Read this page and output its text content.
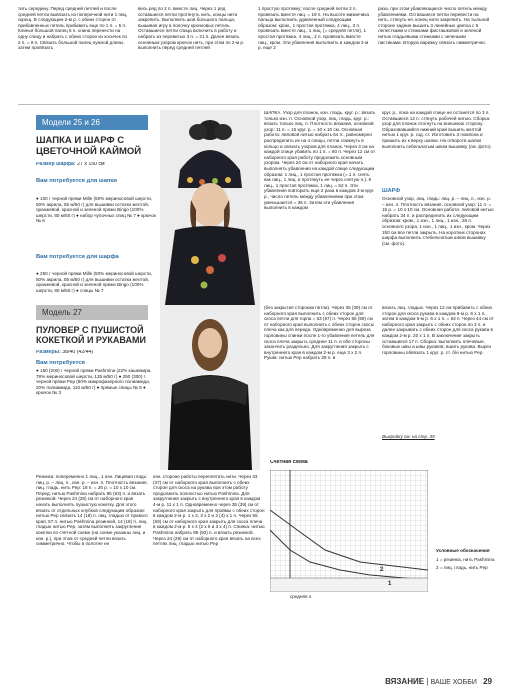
тить середину. Перед средней петлей и после средней петли вывязать из поперечной нити 1 пиц, скрещ. В следующем 2-м р. с обеих сторон от прибавленных петель прибавить еще по 1 п. = 5 п. Клинья большой палец 5 п. клина перенести на одну спицу и набрать с обеих сторон из косичек по 2 п. = 9 п. Связать большой палец нужной длины, затем провязать
весь ряд по 2 п. вместе лиц. Через 1 ряд оставшиеся петли протянуть нить, концы нити закрепить. Выполнить шов большого пальца, вышивая игру в полочку крючковых петель. Оставшиеся петли спица включить в работу и набрать из перевитых 3 п. = 21 п. Далее вязать основным узором крючок нить, при этом по 2-м р. выполнить перед средней петлей
1 простую протяжку; после средней петли 2 п. провязать вместе лиц. = 19 п. На высоте мизинчика пальца выполнить удавленный следующим образом: кром., 1 простая протяжка, 4 лиц., 2 п. провязать вместе лиц., 1 лиц. (= средняя петля), 1 простая протяжка, 4 лиц., 2 п. провязать вместе лиц., кром. Эти убавления выполнить в каждом 2-м р. еще 2
раза, при этом убавляющиеся число петель между убавлениями. Оставшиеся петли перевести на нить, стянуть ее, конец нити закрепить. На тыльной стороне задние вышить 3 линейных цветка с 5 лепестками и стежками фисташковой и зеленой нитью гладьевыми стежками с зелеными листиками. Вторую варежку связать симметрично.
Модели 25 и 26
ШАПКА И ШАРФ С ЦВЕТОЧНОЙ КАЙМОЙ
Размер шарфа: 27 x 150 см
Вам потребуется для шапки
● 100 г черной пряжи Mille (50% мериносовой шерсти, 50% акрила, 55 м/50 г) для вышивки остатки желтой, оранжевой, красной и зеленой пряжи Bingo (100% шерсти, 80 м/50 г) ● набор чулочных спиц № 7 ● крючок № 6
Вам потребуется для шарфа
● 250 г черной пряжи Mille (50% мериносовой шерсти, 50% акрила, 55 м/50 г) для вышивки остатки желтой, оранжевой, красной и зеленой пряжи Bingo (100% шерсти, 80 м/50 г) ● спицы № 7
ШАПКА. Узор для планок, изн. гладь, круг. р.: вязать только изн. п. Основной узор, лиц. гладь, круг. р.: вязать только лиц. п. Плотность вязания, основной узор: 11 п. = 15 круг. р. = 10 x 10 см. Основная работа: липовой нитью набрать 64 п., равномерно распределить их на 4 спицы, петли сомкнуть в кольцо и связать узором для планок. Через 3 см на каждой спице убавить по 1 п. = 60 п. Через 12 см от наборного края работу продолжить основным узором. Через 24 см от наборного края начать выполнять убавления на каждой спице следующим образом: 1 лиц., 1 простая протяжка (= 1 п. снять как лиц., 1 лиц. и протянуть ее через снятую п.), 9 лиц., 1 простая протяжка, 1 лиц. = 52 п. Эти убавления повторить еще 2 раза в каждом 3-м круг. р., число петель между убавлениями при этом уменьшается = 36 п. Затем эти убавления выполнить в каждом
круг. р., пока на каждой спице не останется по 3 п. Оставшиеся 12 п. стянуть рабочей нитью. Сборка: узор для планок отогнуть на внешнюю сторону. Образовавшийся нижний край вышить желтой нитью 1 круг. р. сзд. ст. Изготовить 3 помпона и пришить их к верху шапки. На отворотв шапки выполнить себельчатым швом вышивку (см. фото).
ШАРФ
Основной узор, лиц. гладь: лиц. р. – лиц. п., изн. р. – изн. п. Плотность вязания, основной узор: 11 п. = 15 р. = 10 x 10 см. Основная работа: липовой нитью набрать 34 п. и распределить их следующим образом: кром., 1 изн., 1 лиц., 1 изн., 26 п. основного узора, 1 изн., 1 лиц., 1 изн., кром. Через 150 см все петли закрыть. На коротких сторонах шарфа выполнить стебельчатым швом вышивку (см. фото).
Модель 27
ПУЛОВЕР С ПУШИСТОЙ КОКЕТКОЙ И РУКАВАМИ
Размеры: 38/40 (42/44)
Вам потребуется
● 150 (200) г черной пряжи Pashmina (22% кашемира, 78% мериносовой шерсти, 125 м/50 г) ● 250 (300) г черной пряжи Pep (80% микрофазерного полиамида, 20% полиамида, 110 м/50 г) ● прямые спицы № 5 ● крючок № 3
(без закрытия сторонки петли). Через 35 (39) см от наборного края выполнить с обеих сторон для скоса петли для горла = 63 (67) п. Через 55 (59) см от наборного края выполнить с обеих сторон скосы плеча как для переда. Одновременно для выреза горловины спинки после 1-го убавления петель для скоса плеча закрыть среднее 11 п. и обе стороны закончить раздельно. Для закругления закрыть с внутреннего края в каждом 2-м р. еще 3 x 2 п. Рукав: нитью Pep набрать 39 п. и
вязать лиц. гладью. Через 12 см прибавить с обеих сторон для скоса рукава в каждом 8-м р. 6 x 1 п., затем в каждом 6-м р. 6 x 1 п. = 63 п. Через 44 см от наборного края закрыть с обеих сторон по 3 п. и далее закрывать с обеих сторон для скоса рукава в каждом 2-м р. 20 x 1 п. В заключение закрыть оставшиеся 17 п. Сборка: выполнить плечевые, боковые швы и швы рукавов; вшить рукава. Вырез горловины обвязать 1 круг. р. ст. б/н нитью Pep.
Выкройку см. на стр. 39
Резинка: попеременно 1 лиц., 1 изн. Лицевая гладь: лиц. р. – лиц. п., изн. р. – изн. п. Плотность вязания, лиц. гладь, нить Pep: 18 п. = 26 р. = 10 x 10 см. Перед: нитью Pashmina набрать 85 (93) п. и вязать резинкой. Через 24 (28) см от наборного края начать выполнять пушистую кокетку. Для этого вязать от отдельных клубков следующим образом: нитью Pep связать 14 (18) п. лиц. гладью от правого края, 57 п. нитью Pashmina резинкой, 14 (18) п. лиц. гладью нитью Pep, затем выполнять закругление кокетки по счётной схеме (на схеме указаны лиц. и изн. р.), при этом от средней петли вязать симметрично. Чтобы в полотне не
изн. стороне работы переплетать нити. Через 33 (37) см от наборного края выполнить с обеих сторон для скоса на рукава при этом работу продолжить полностью нитью Pashmina. Для закругления закрыть с внутреннего края в каждом 4-м р. 11 x 1 п. Одновременно через 35 (39) см от наборного края закрыть для проймы с обеих сторон в каждом 2-м р. 1 x 3, 3 x 2 и 2 (4) x 1 п. Через 55 (59) см от наборного края закрыть для скоса плеча в каждом 2-м р. 5 x 4 (2 x 5 и 3 x 4) п. Спинка: нитью Pashmina набрать 85 (93) п. и вязать резинкой. Через 24 (28) см от наборного края вязать на всех петлях лиц. гладью нитью Pep
Счётная схема
2
1
средняя п.
Условные обозначения
1 = резинка, нить Pashmina
2 = лиц. гладь, нить Pep
ВЯЗАНИЕ | ВАШЕ ХОББИ 29
